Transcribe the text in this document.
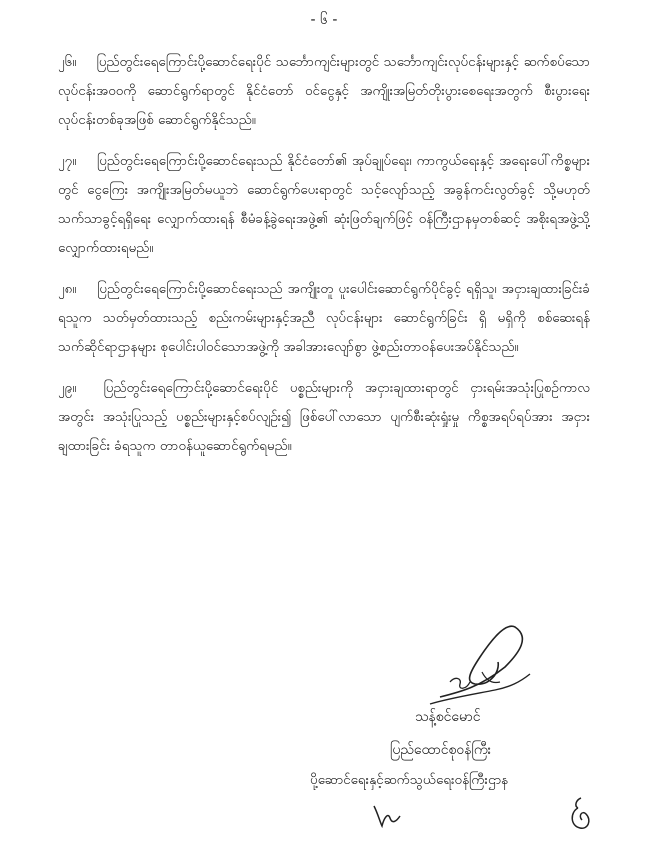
- ၆ -

၂၆။ ပြည်တွင်းရေကြောင်းပို့ဆောင်ရေးပိုင် သင်္ဘောကျင်းများတွင် သင်္ဘောကျင်းလုပ်ငန်းများနှင့် ဆက်စပ်သော လုပ်ငန်းအဝဝကို ဆောင်ရွက်ရာတွင် နိုင်ငံတော် ဝင်ငွေနှင့် အကျိုးအမြတ်တိုးပွားစေရေးအတွက် စီးပွားရေး လုပ်ငန်းတစ်ခုအဖြစ် ဆောင်ရွက်နိုင်သည်။

၂၇။ ပြည်တွင်းရေကြောင်းပို့ဆောင်ရေးသည် နိုင်ငံတော်၏ အုပ်ချုပ်ရေး၊ ကာကွယ်ရေးနှင့် အရေးပေါ်ကိစ္စများတွင် ငွေကြေး အကျိုးအမြတ်မယူဘဲ ဆောင်ရွက်ပေးရာတွင် သင့်လျော်သည့် အခွန်ကင်းလွတ်ခွင့် သို့မဟုတ် သက်သာခွင့်ရရှိရေး လျှောက်ထားရန် စီမံခန့်ခွဲရေးအဖွဲ့၏ ဆုံးဖြတ်ချက်ဖြင့် ဝန်ကြီးဌာနမှတစ်ဆင့် အစိုးရအဖွဲ့သို့ လျှောက်ထားရမည်။

၂၈။ ပြည်တွင်းရေကြောင်းပို့ဆောင်ရေးသည် အကျိုးတူ ပူးပေါင်းဆောင်ရွက်ပိုင်ခွင့် ရရှိသူ၊ အငှားချထားခြင်းခံရသူက သတ်မှတ်ထားသည့် စည်းကမ်းများနှင့်အညီ လုပ်ငန်းများ ဆောင်ရွက်ခြင်း ရှိ မရှိကို စစ်ဆေးရန် သက်ဆိုင်ရာဌာနများ စုပေါင်းပါဝင်သောအဖွဲ့ကို အခါအားလျော်စွာ ဖွဲ့စည်းတာဝန်ပေးအပ်နိုင်သည်။

၂၉။ ပြည်တွင်းရေကြောင်းပို့ဆောင်ရေးပိုင် ပစ္စည်းများကို အငှားချထားရာတွင် ငှားရမ်းအသုံးပြုစဉ်ကာလအတွင်း အသုံးပြုသည့် ပစ္စည်းများနှင့်စပ်လျဉ်း၍ ဖြစ်ပေါ်လာသော ပျက်စီးဆုံးရှုံးမှု ကိစ္စအရပ်ရပ်အား အငှားချထားခြင်း ခံရသူက တာဝန်ယူဆောင်ရွက်ရမည်။

သန့်စင်မောင်
ပြည်ထောင်စုဝန်ကြီး
ပို့ဆောင်ရေးနှင့်ဆက်သွယ်ရေးဝန်ကြီးဌာန
